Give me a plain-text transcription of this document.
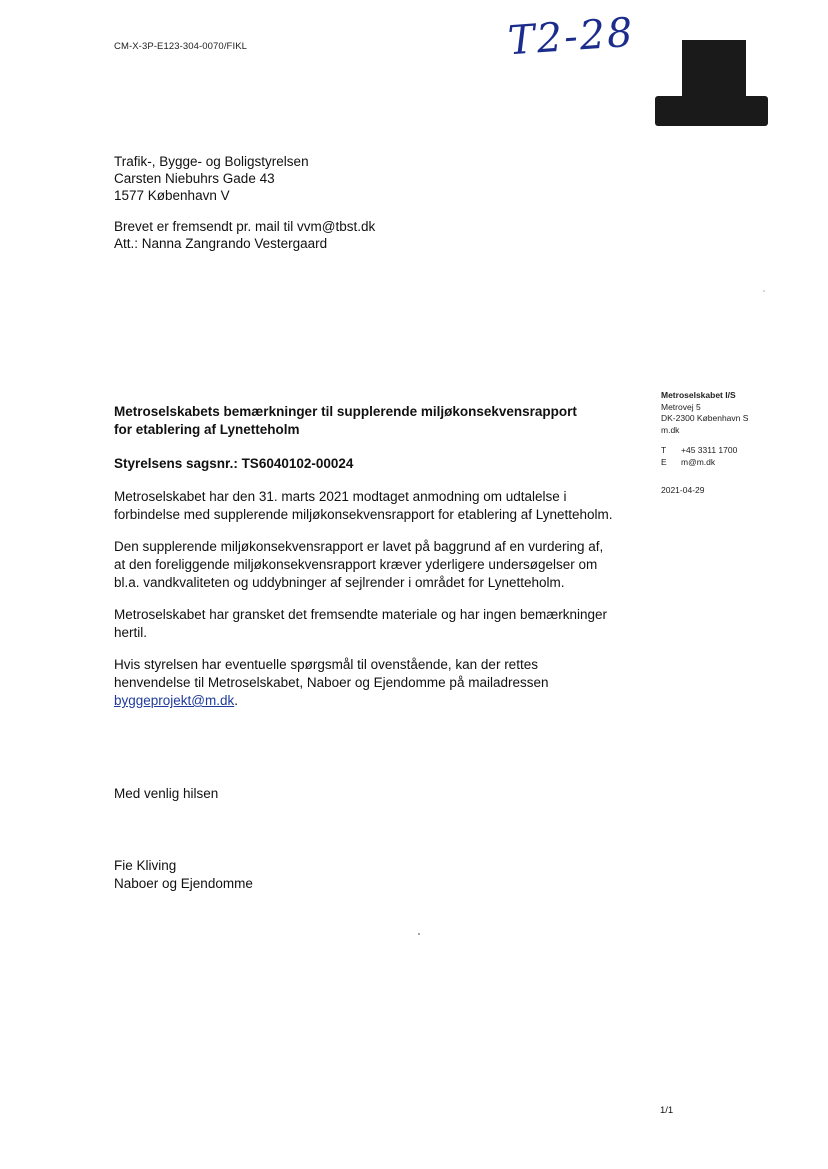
CM-X-3P-E123-304-0070/FIKL	T2-28
Trafik-, Bygge- og Boligstyrelsen
Carsten Niebuhrs Gade 43
1577 København V
Brevet er fremsendt pr. mail til vvm@tbst.dk
Att.: Nanna Zangrando Vestergaard
Metroselskabet I/S
Metrovej 5
DK-2300 København S
m.dk
T	+45 3311 1700
E	m@m.dk
2021-04-29
Metroselskabets bemærkninger til supplerende miljøkonsekvensrapport for etablering af Lynetteholm
Styrelsens sagsnr.: TS6040102-00024

Metroselskabet har den 31. marts 2021 modtaget anmodning om udtalelse i forbindelse med supplerende miljøkonsekvensrapport for etablering af Lynetteholm.

Den supplerende miljøkonsekvensrapport er lavet på baggrund af en vurdering af, at den foreliggende miljøkonsekvensrapport kræver yderligere undersøgelser om bl.a. vandkvaliteten og uddybninger af sejlrender i området for Lynetteholm.

Metroselskabet har gransket det fremsendte materiale og har ingen bemærkninger hertil.

Hvis styrelsen har eventuelle spørgsmål til ovenstående, kan der rettes henvendelse til Metroselskabet, Naboer og Ejendomme på mailadressen byggeprojekt@m.dk.

Med venlig hilsen
Fie Kliving
Naboer og Ejendomme
1/1
